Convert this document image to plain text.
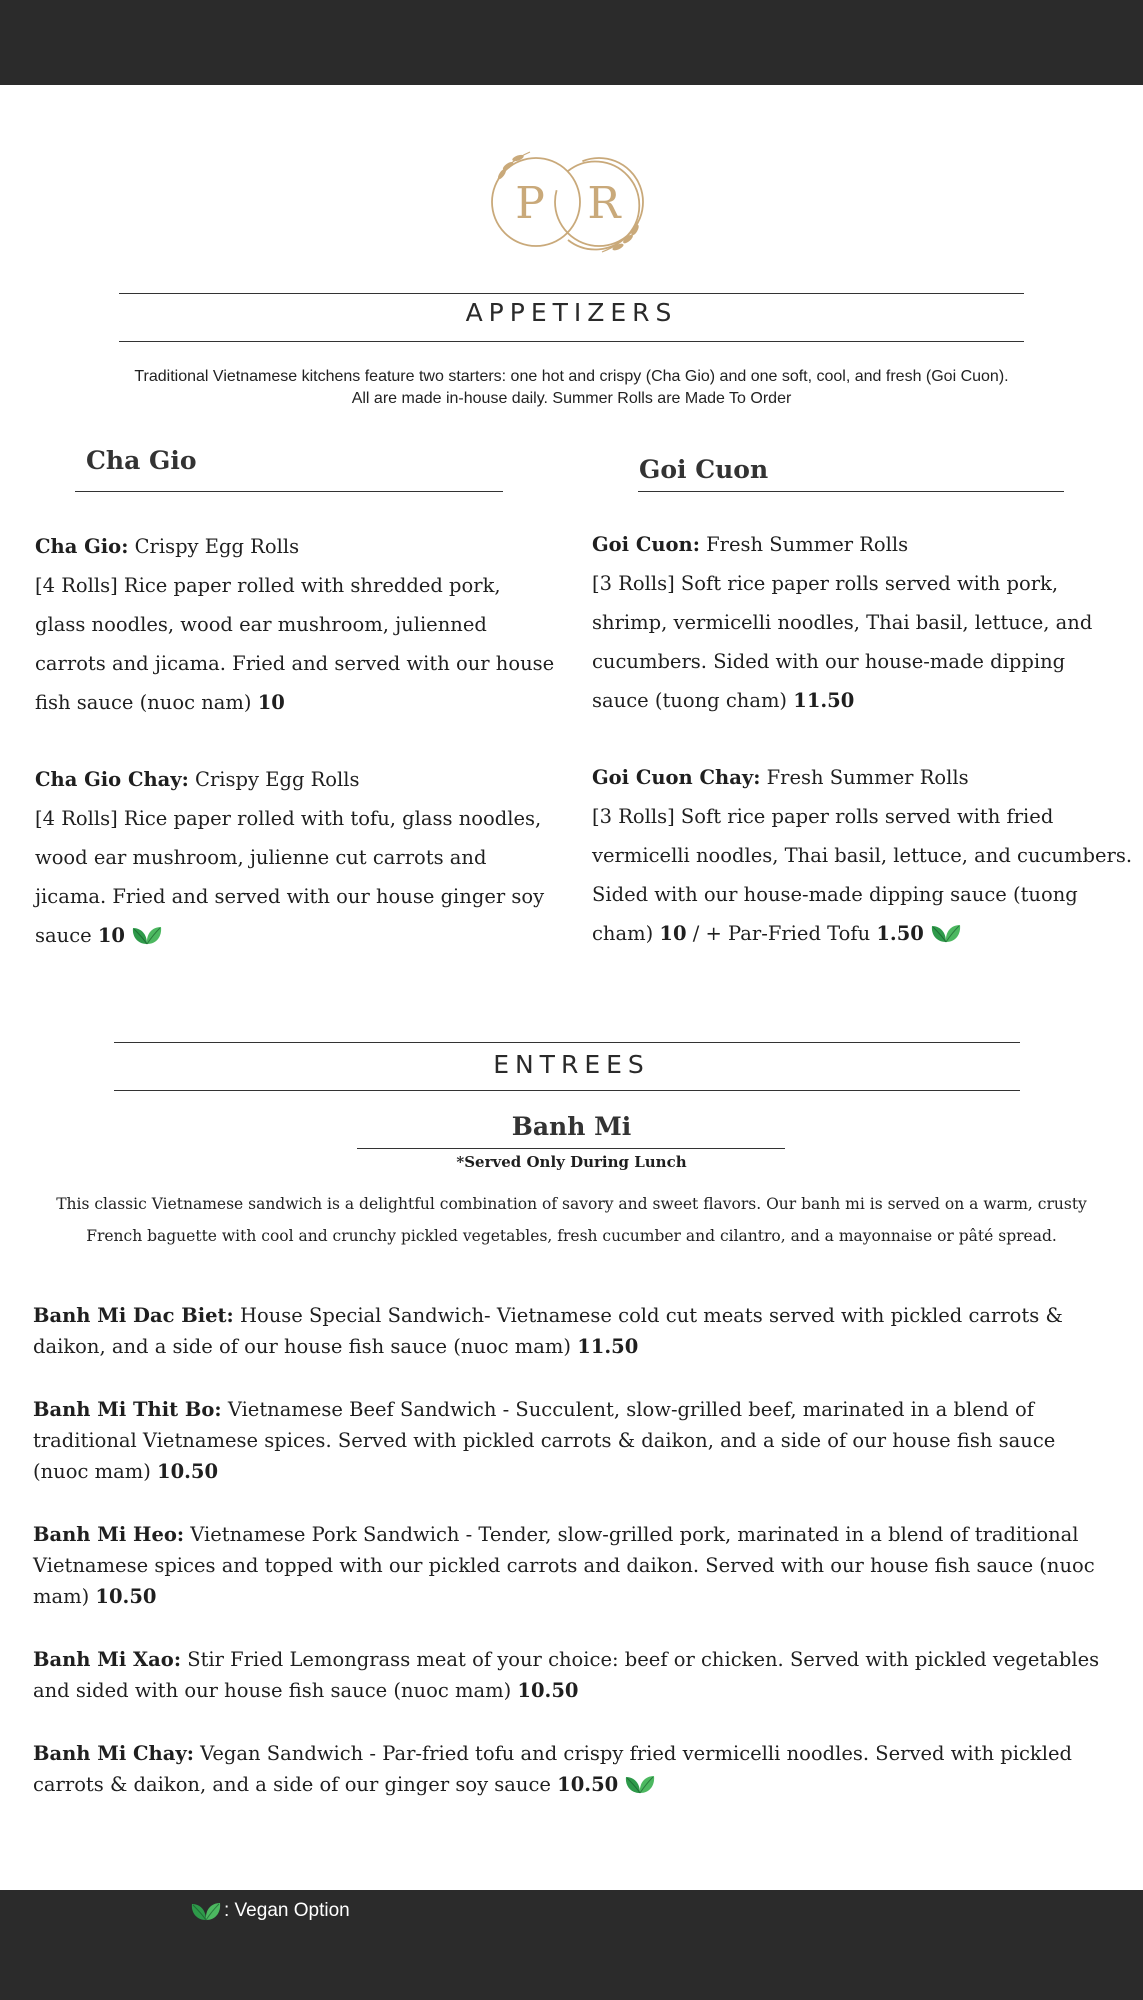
P R
APPETIZERS
Traditional Vietnamese kitchens feature two starters: one hot and crispy (Cha Gio) and one soft, cool, and fresh (Goi Cuon).
All are made in-house daily. Summer Rolls are Made To Order
Cha Gio	Goi Cuon
Cha Gio: Crispy Egg Rolls
[4 Rolls] Rice paper rolled with shredded pork, glass noodles, wood ear mushroom, julienned carrots and jicama. Fried and served with our house fish sauce (nuoc nam) 10
Cha Gio Chay: Crispy Egg Rolls
[4 Rolls] Rice paper rolled with tofu, glass noodles, wood ear mushroom, julienne cut carrots and jicama. Fried and served with our house ginger soy sauce 10
Goi Cuon: Fresh Summer Rolls
[3 Rolls] Soft rice paper rolls served with pork, shrimp, vermicelli noodles, Thai basil, lettuce, and cucumbers. Sided with our house-made dipping sauce (tuong cham) 11.50
Goi Cuon Chay: Fresh Summer Rolls
[3 Rolls] Soft rice paper rolls served with fried vermicelli noodles, Thai basil, lettuce, and cucumbers. Sided with our house-made dipping sauce (tuong cham) 10 / + Par-Fried Tofu 1.50
ENTREES
Banh Mi
*Served Only During Lunch
This classic Vietnamese sandwich is a delightful combination of savory and sweet flavors. Our banh mi is served on a warm, crusty French baguette with cool and crunchy pickled vegetables, fresh cucumber and cilantro, and a mayonnaise or pâté spread.
Banh Mi Dac Biet: House Special Sandwich- Vietnamese cold cut meats served with pickled carrots & daikon, and a side of our house fish sauce (nuoc mam) 11.50
Banh Mi Thit Bo: Vietnamese Beef Sandwich - Succulent, slow-grilled beef, marinated in a blend of traditional Vietnamese spices. Served with pickled carrots & daikon, and a side of our house fish sauce (nuoc mam) 10.50
Banh Mi Heo: Vietnamese Pork Sandwich - Tender, slow-grilled pork, marinated in a blend of traditional Vietnamese spices and topped with our pickled carrots and daikon. Served with our house fish sauce (nuoc mam) 10.50
Banh Mi Xao: Stir Fried Lemongrass meat of your choice: beef or chicken. Served with pickled vegetables and sided with our house fish sauce (nuoc mam) 10.50
Banh Mi Chay: Vegan Sandwich - Par-fried tofu and crispy fried vermicelli noodles. Served with pickled carrots & daikon, and a side of our ginger soy sauce 10.50
: Vegan Option
